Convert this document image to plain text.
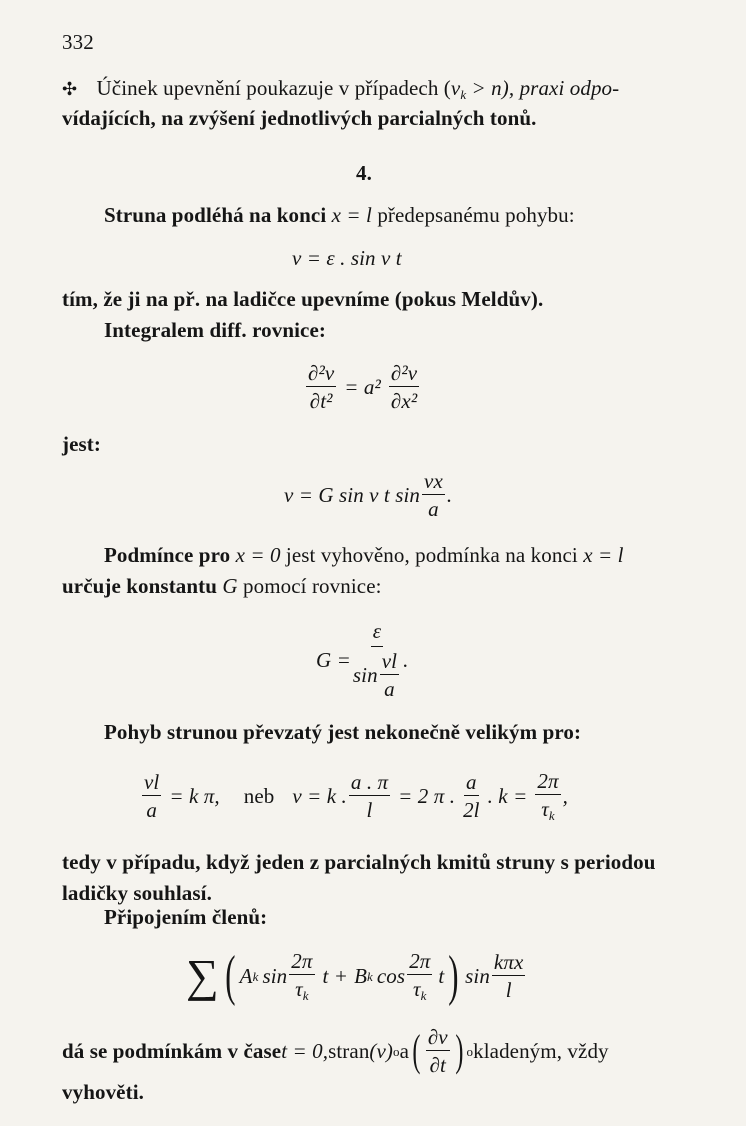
332
✣ Účinek upevnění poukazuje v případech $(\nu_k > n)$, praxi odpo-
vídajících, na zvýšení jednotlivých parcialných tonů.
4.
Struna podléhá na konci x = l předepsanému pohybu:
v = ε . sin ν t
tím, že ji na př. na ladičce upevníme (pokus Meldův).
Integralem diff. rovnice:
$\frac{\text{∂²v}}{\text{∂t²}} = a^2 \frac{\text{∂²v}}{\text{∂x²}}$
jest:
v = G sin ν t $\sin \frac{\nu x}{a}$ .
Podmínce pro x = 0 jest vyhověno, podmínka na konci x = l
určuje konstantu G pomocí rovnice:
$G = \frac{\varepsilon}{\sin \frac{\nu l}{a}}$ .
Pohyb strunou převzatý jest nekonečně velikým pro:
$\frac{\nu l}{a} = k$ π, neb ν = k . $\frac{a . \pi}{l} = 2$ π . $\frac{a}{2l}$ . $k = \frac{2\pi}{\tau_k}$ ,
tedy v případu, když jeden z parcialných kmitů struny s periodou
ladičky souhlasí.
Připojením členů:
∑ ( A k $\sin \frac{2\pi}{\tau_k}$ t + B k $\cos \frac{2\pi}{\tau_k}$ t ) $\sin \frac{\text{kπx}}{l}$
dá se podmínkám v čase t = 0, stran (v) o a ( $\frac{\partial v}{\partial t}$ ) o kladeným, vždy
vyhověti.
